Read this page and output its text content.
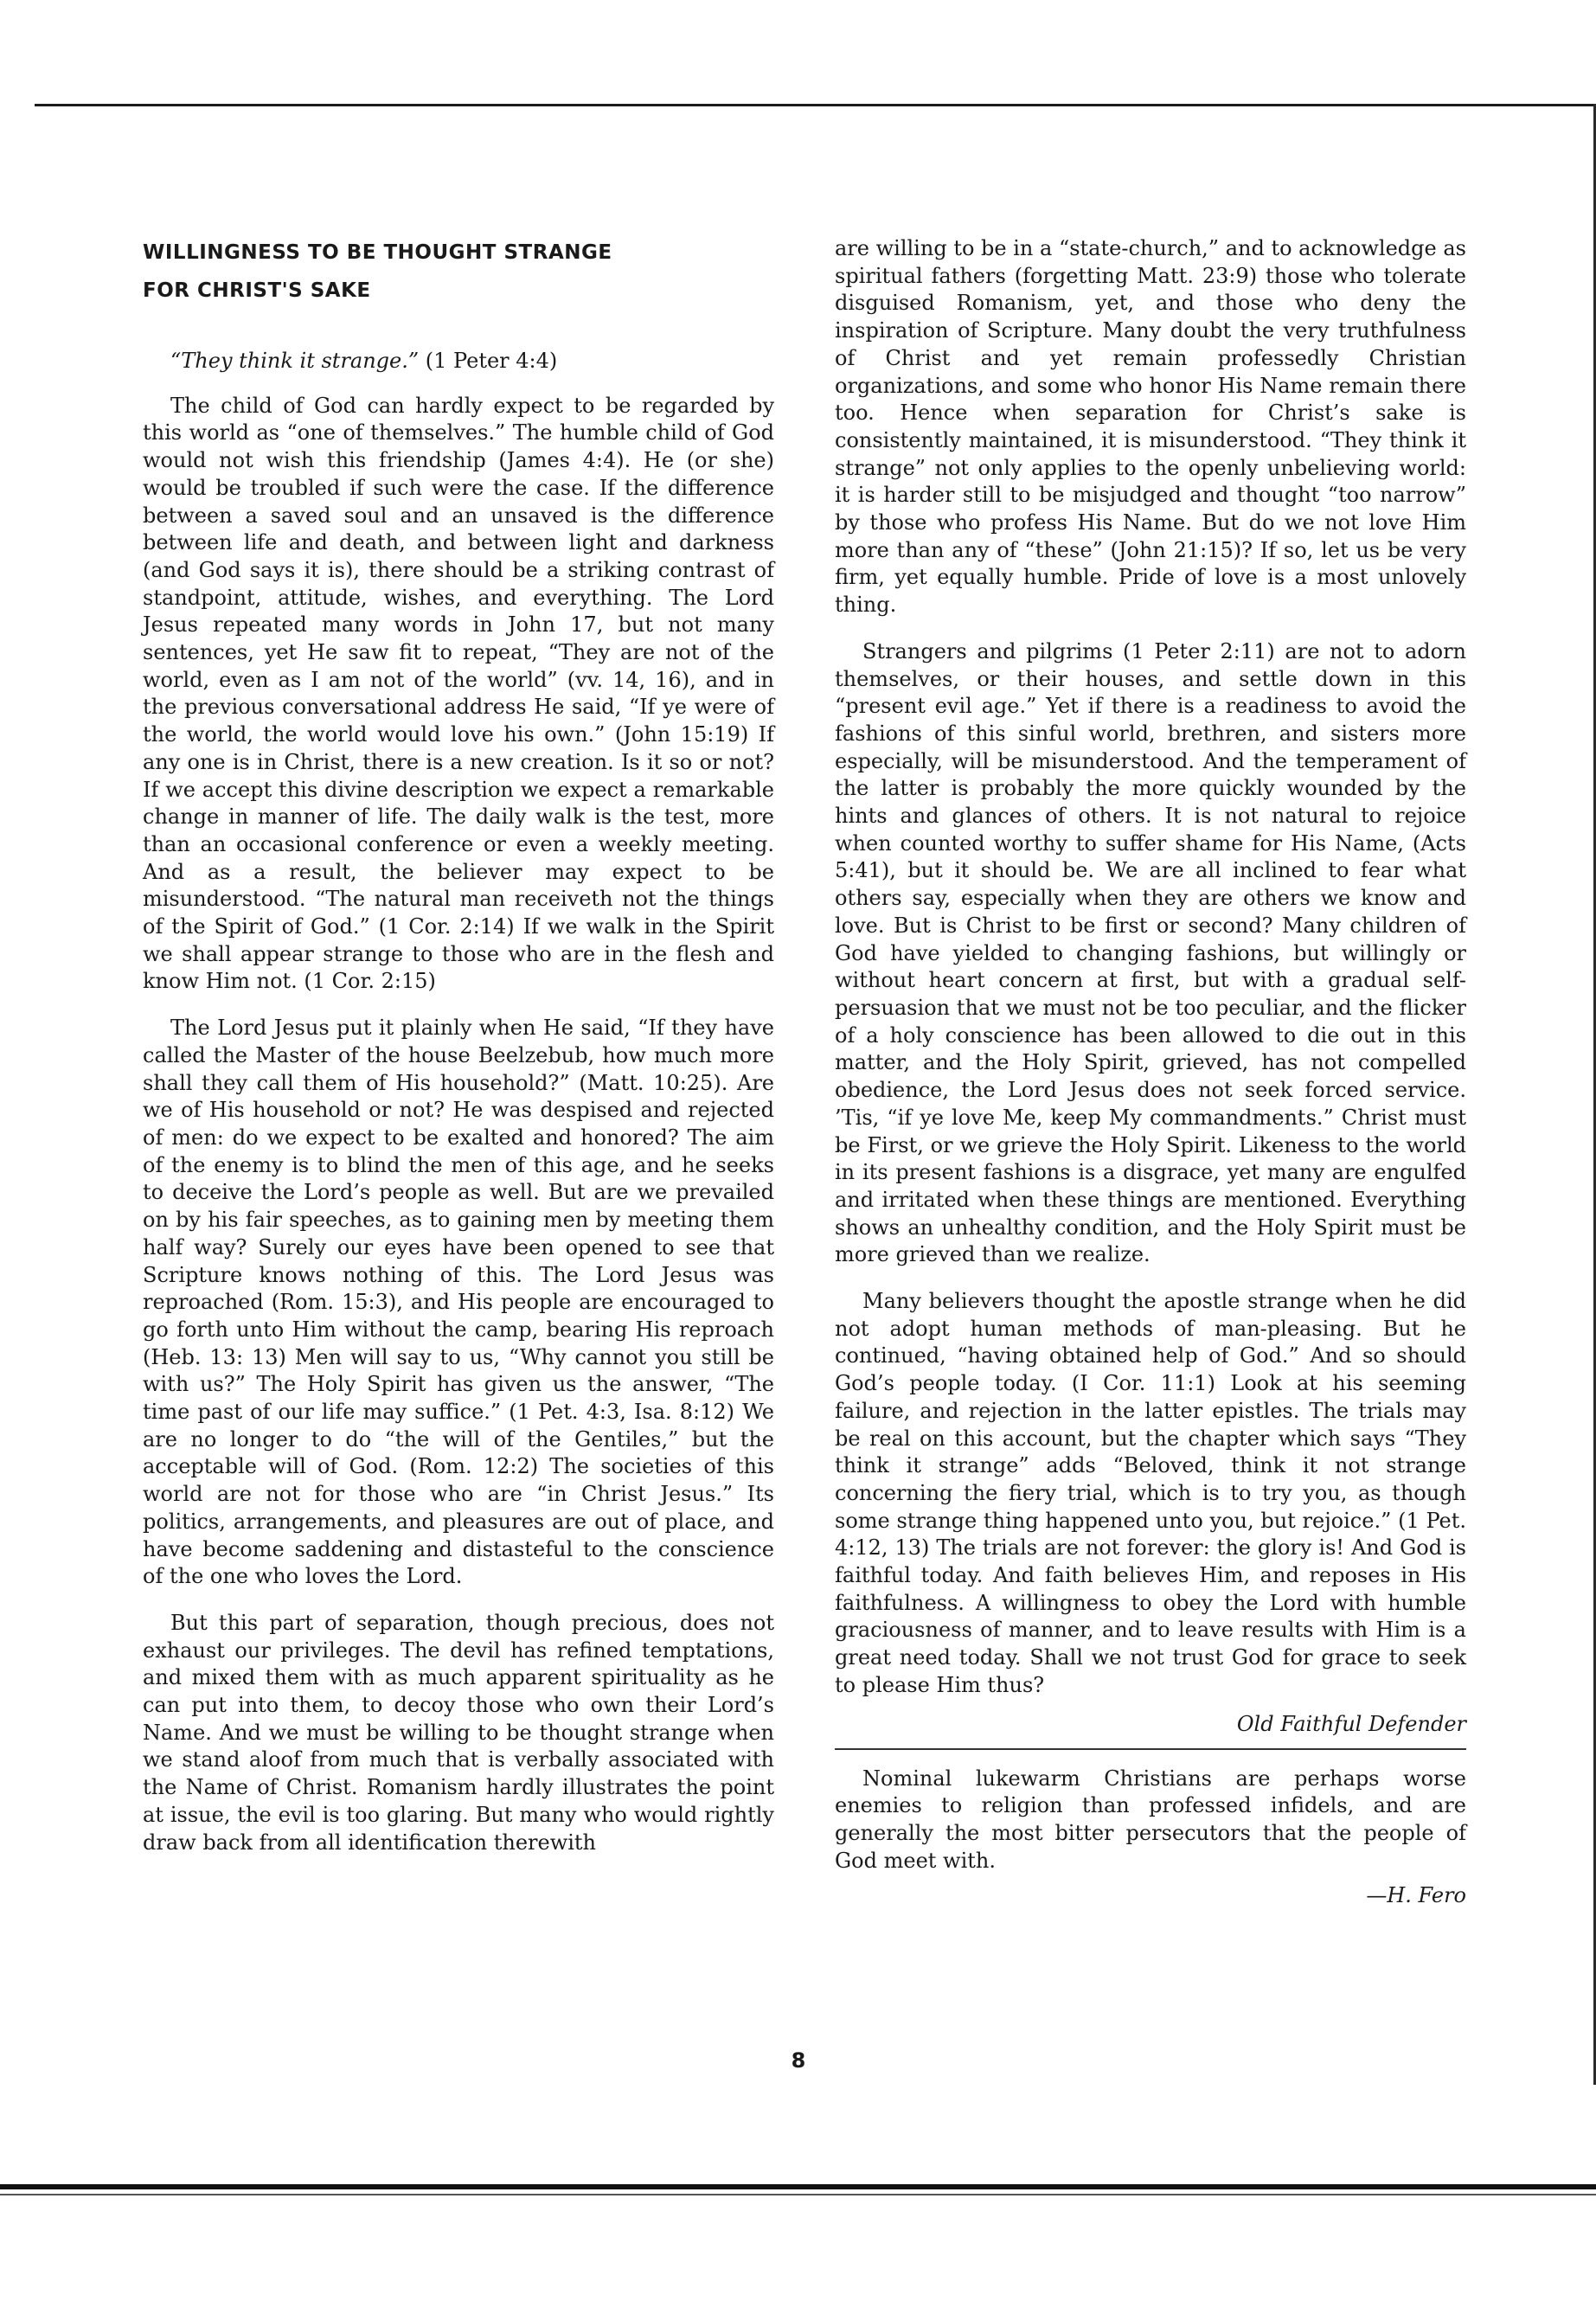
WILLINGNESS TO BE THOUGHT STRANGE
FOR CHRIST'S SAKE

“They think it strange.” (1 Peter 4:4)

The child of God can hardly expect to be regarded by this world as “one of themselves.” The humble child of God would not wish this friendship (James 4:4). He (or she) would be troubled if such were the case. If the difference between a saved soul and an unsaved is the difference between life and death, and between light and darkness (and God says it is), there should be a striking contrast of standpoint, attitude, wishes, and everything. The Lord Jesus repeated many words in John 17, but not many sentences, yet He saw fit to repeat, “They are not of the world, even as I am not of the world” (vv. 14, 16), and in the previous conversational address He said, “If ye were of the world, the world would love his own.” (John 15:19) If any one is in Christ, there is a new creation. Is it so or not? If we accept this divine description we expect a remarkable change in manner of life. The daily walk is the test, more than an occasional conference or even a weekly meeting. And as a result, the believer may expect to be misunderstood. “The natural man receiveth not the things of the Spirit of God.” (1 Cor. 2:14) If we walk in the Spirit we shall appear strange to those who are in the flesh and know Him not. (1 Cor. 2:15)

The Lord Jesus put it plainly when He said, “If they have called the Master of the house Beelzebub, how much more shall they call them of His household?” (Matt. 10:25). Are we of His household or not? He was despised and rejected of men: do we expect to be exalted and honored? The aim of the enemy is to blind the men of this age, and he seeks to deceive the Lord’s people as well. But are we prevailed on by his fair speeches, as to gaining men by meeting them half way? Surely our eyes have been opened to see that Scripture knows nothing of this. The Lord Jesus was reproached (Rom. 15:3), and His people are encouraged to go forth unto Him without the camp, bearing His reproach (Heb. 13: 13) Men will say to us, “Why cannot you still be with us?” The Holy Spirit has given us the answer, “The time past of our life may suffice.” (1 Pet. 4:3, Isa. 8:12) We are no longer to do “the will of the Gentiles,” but the acceptable will of God. (Rom. 12:2) The societies of this world are not for those who are “in Christ Jesus.” Its politics, arrangements, and pleasures are out of place, and have become saddening and distasteful to the conscience of the one who loves the Lord.

But this part of separation, though precious, does not exhaust our privileges. The devil has refined temptations, and mixed them with as much apparent spirituality as he can put into them, to decoy those who own their Lord’s Name. And we must be willing to be thought strange when we stand aloof from much that is verbally associated with the Name of Christ. Romanism hardly illustrates the point at issue, the evil is too glaring. But many who would rightly draw back from all identification therewith

are willing to be in a “state-church,” and to acknowledge as spiritual fathers (forgetting Matt. 23:9) those who tolerate disguised Romanism, yet, and those who deny the inspiration of Scripture. Many doubt the very truthfulness of Christ and yet remain professedly Christian organizations, and some who honor His Name remain there too. Hence when separation for Christ’s sake is consistently maintained, it is misunderstood. “They think it strange” not only applies to the openly unbelieving world: it is harder still to be misjudged and thought “too narrow” by those who profess His Name. But do we not love Him more than any of “these” (John 21:15)? If so, let us be very firm, yet equally humble. Pride of love is a most unlovely thing.

Strangers and pilgrims (1 Peter 2:11) are not to adorn themselves, or their houses, and settle down in this “present evil age.” Yet if there is a readiness to avoid the fashions of this sinful world, brethren, and sisters more especially, will be misunderstood. And the temperament of the latter is probably the more quickly wounded by the hints and glances of others. It is not natural to rejoice when counted worthy to suffer shame for His Name, (Acts 5:41), but it should be. We are all inclined to fear what others say, especially when they are others we know and love. But is Christ to be first or second? Many children of God have yielded to changing fashions, but willingly or without heart concern at first, but with a gradual self-persuasion that we must not be too peculiar, and the flicker of a holy conscience has been allowed to die out in this matter, and the Holy Spirit, grieved, has not compelled obedience, the Lord Jesus does not seek forced service. ’Tis, “if ye love Me, keep My commandments.” Christ must be First, or we grieve the Holy Spirit. Likeness to the world in its present fashions is a disgrace, yet many are engulfed and irritated when these things are mentioned. Everything shows an unhealthy condition, and the Holy Spirit must be more grieved than we realize.

Many believers thought the apostle strange when he did not adopt human methods of man-pleasing. But he continued, “having obtained help of God.” And so should God’s people today. (I Cor. 11:1) Look at his seeming failure, and rejection in the latter epistles. The trials may be real on this account, but the chapter which says “They think it strange” adds “Beloved, think it not strange concerning the fiery trial, which is to try you, as though some strange thing happened unto you, but rejoice.” (1 Pet. 4:12, 13) The trials are not forever: the glory is! And God is faithful today. And faith believes Him, and reposes in His faithfulness. A willingness to obey the Lord with humble graciousness of manner, and to leave results with Him is a great need today. Shall we not trust God for grace to seek to please Him thus?

Old Faithful Defender

Nominal lukewarm Christians are perhaps worse enemies to religion than professed infidels, and are generally the most bitter persecutors that the people of God meet with.

—H. Fero
8
